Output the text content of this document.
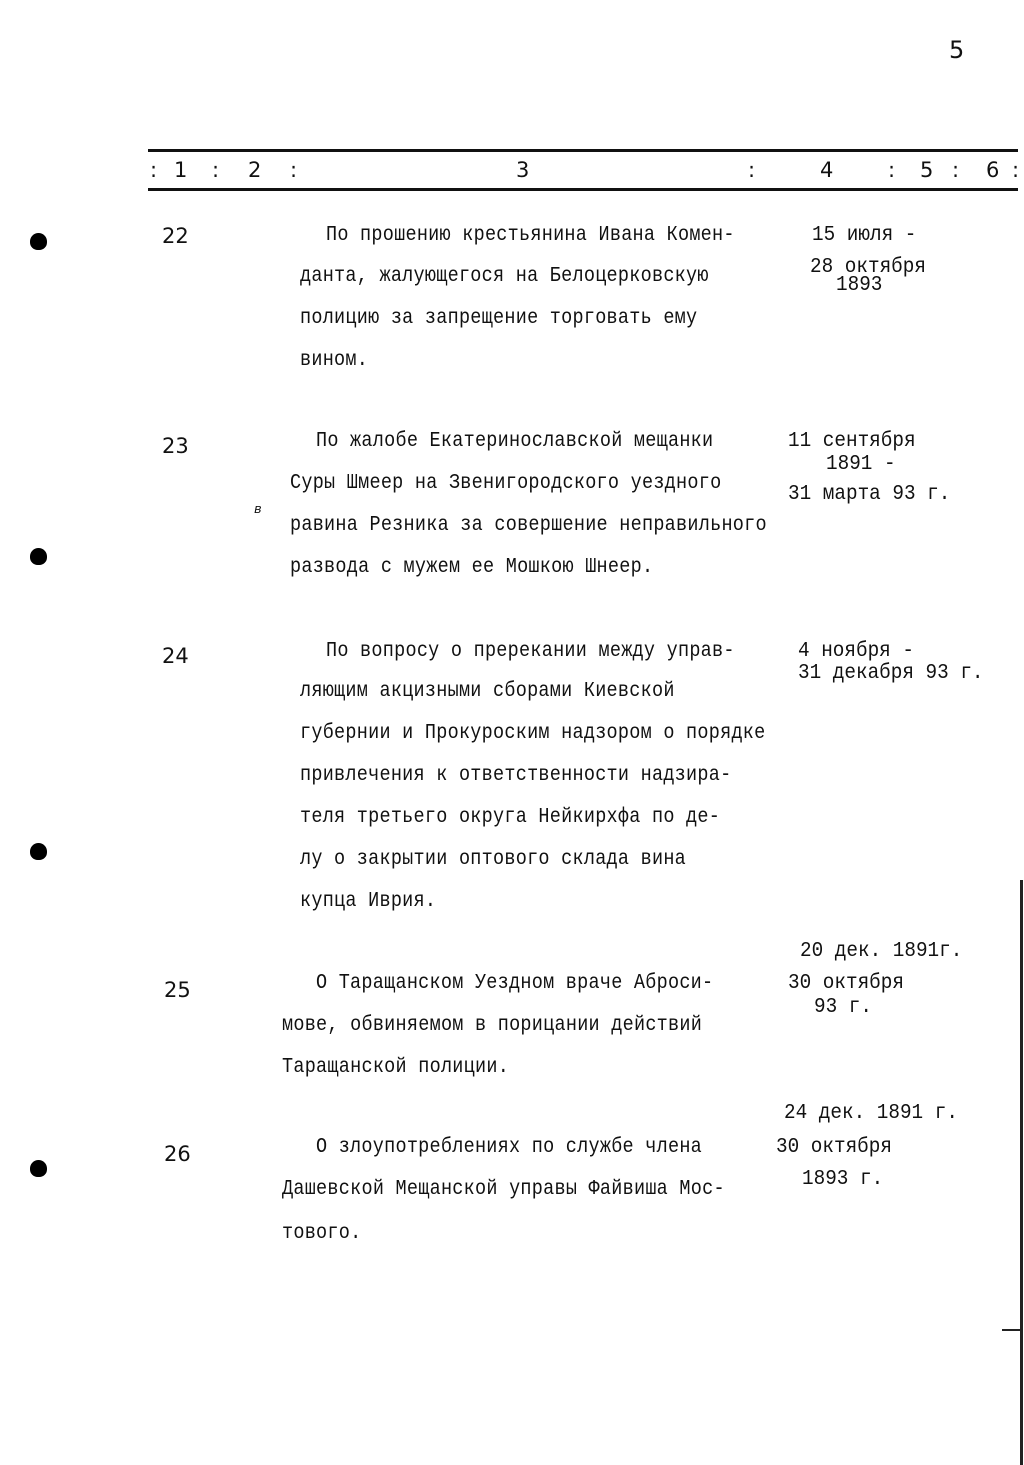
5
: 1 : 2 :	3	:	4	: 5 : 6 :
22	По прошению крестьянина Ивана Комен-
данта, жалующегося на Белоцерковскую
полицию за запрещение торговать ему
вином.
15 июля -
28 октября
1893
23	По жалобе Екатеринославской мещанки
Суры Шмеер на Звенигородского уездного
в
равина Резника за совершение неправильного
развода с мужем ее Мошкою Шнеер.
11 сентября
1891 -
31 марта 93 г.
24	По вопросу о пререкании между управ-
ляющим акцизными сборами Киевской
губернии и Прокуроским надзором о порядке
привлечения к ответственности надзира-
теля третьего округа Нейкирхфа по де-
лу о закрытии оптового склада вина
купца Иврия.
4 ноября -
31 декабря 93 г.
25	О Таращанском Уездном враче Аброси-
мове, обвиняемом в порицании действий
Таращанской полиции.
20 дек. 1891г.
30 октября
93 г.
26	О злоупотреблениях по службе члена
Дашевской Мещанской управы Файвиша Мос-
тового.
24 дек. 1891 г.
30 октября
1893 г.
